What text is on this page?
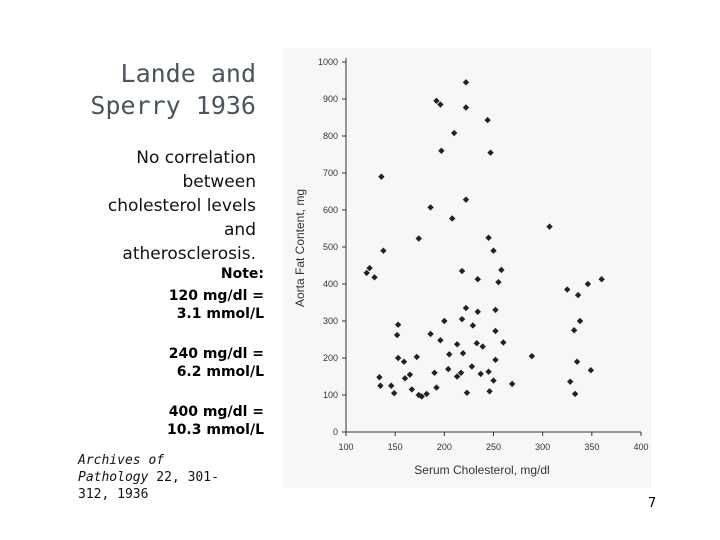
Lande and
Sperry 1936
No correlation
between
cholesterol levels
and
atherosclerosis.
Note:
120 mg/dl =
3.1 mmol/L
240 mg/dl =
6.2 mmol/L
400 mg/dl =
10.3 mmol/L
Archives of Pathology 22, 301-312, 1936
7
0
100
200
300
400
500
600
700
800
900
1000
100	150	200	250	300	350	400
Serum Cholesterol, mg/dl
Aorta Fat Content, mg
